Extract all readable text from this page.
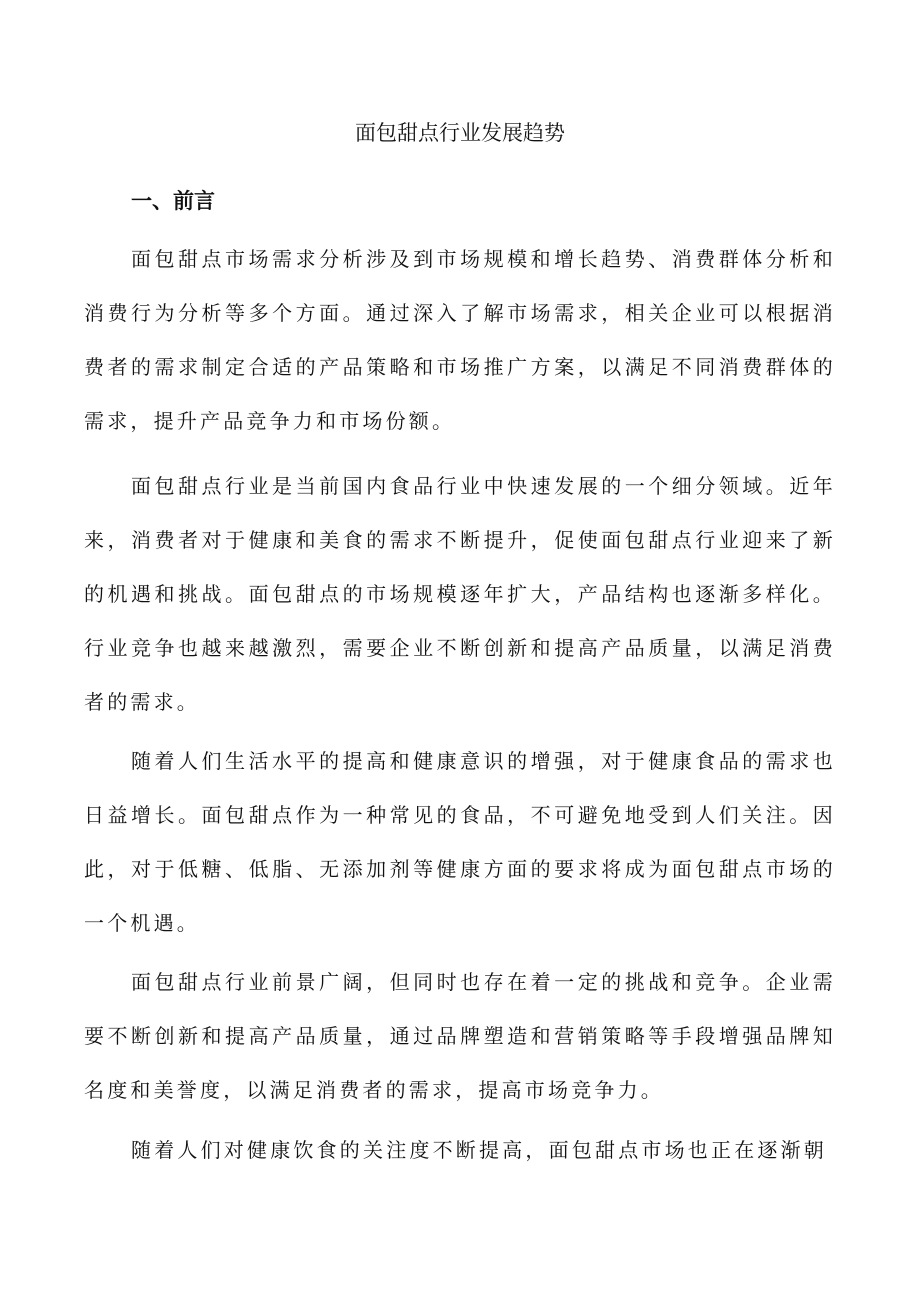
面包甜点行业发展趋势
一、前言

面包甜点市场需求分析涉及到市场规模和增长趋势、消费群体分析和消费行为分析等多个方面。通过深入了解市场需求，相关企业可以根据消费者的需求制定合适的产品策略和市场推广方案，以满足不同消费群体的需求，提升产品竞争力和市场份额。

面包甜点行业是当前国内食品行业中快速发展的一个细分领域。近年来，消费者对于健康和美食的需求不断提升，促使面包甜点行业迎来了新的机遇和挑战。面包甜点的市场规模逐年扩大，产品结构也逐渐多样化。行业竞争也越来越激烈，需要企业不断创新和提高产品质量，以满足消费者的需求。

随着人们生活水平的提高和健康意识的增强，对于健康食品的需求也日益增长。面包甜点作为一种常见的食品，不可避免地受到人们关注。因此，对于低糖、低脂、无添加剂等健康方面的要求将成为面包甜点市场的一个机遇。

面包甜点行业前景广阔，但同时也存在着一定的挑战和竞争。企业需要不断创新和提高产品质量，通过品牌塑造和营销策略等手段增强品牌知名度和美誉度，以满足消费者的需求，提高市场竞争力。

随着人们对健康饮食的关注度不断提高，面包甜点市场也正在逐渐朝
